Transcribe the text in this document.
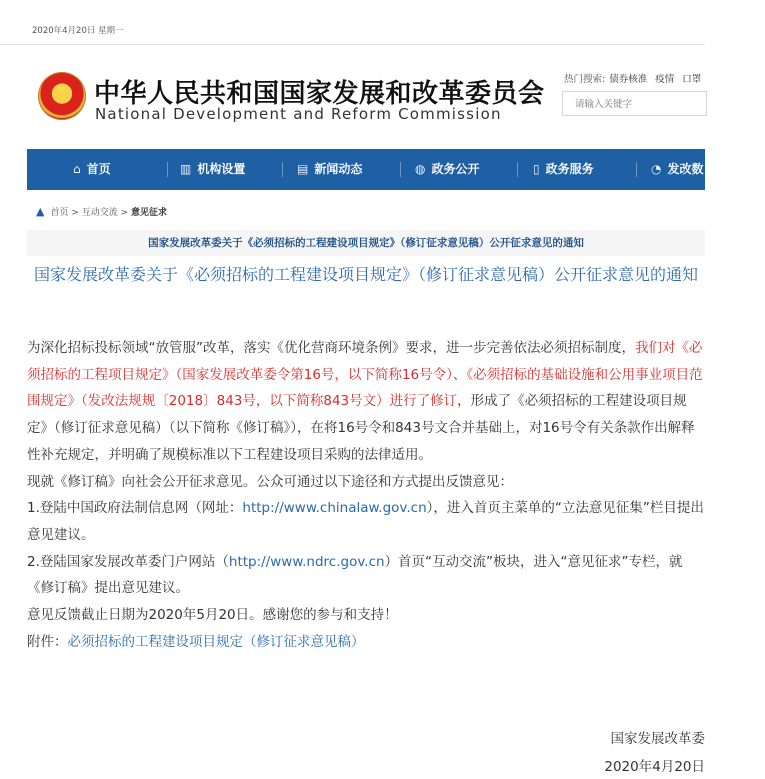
2020年4月20日 星期一
★ 中华人民共和国国家发展和改革委员会
National Development and Reform Commission
热门搜索: 债券核准 疫情 口罩
请输入关键字
⌂ 首页	▥ 机构设置	▤ 新闻动态	◍ 政务公开	▯ 政务服务	◔ 发改数
▲ 首页 > 互动交流 > 意见征求
国家发展改革委关于《必须招标的工程建设项目规定》（修订征求意见稿）公开征求意见的通知
国家发展改革委关于《必须招标的工程建设项目规定》（修订征求意见稿）公开征求意见的通知

为深化招标投标领域“放管服”改革，落实《优化营商环境条例》要求，进一步完善依法必须招标制度，我们对《必须招标的工程项目规定》（国家发展改革委令第16号，以下简称16号令）、《必须招标的基础设施和公用事业项目范围规定》（发改法规规〔2018〕843号，以下简称843号文）进行了修订，形成了《必须招标的工程建设项目规定》（修订征求意见稿）（以下简称《修订稿》），在将16号令和843号文合并基础上，对16号令有关条款作出解释性补充规定，并明确了规模标准以下工程建设项目采购的法律适用。

现就《修订稿》向社会公开征求意见。公众可通过以下途径和方式提出反馈意见：

1.登陆中国政府法制信息网（网址：http://www.chinalaw.gov.cn），进入首页主菜单的“立法意见征集”栏目提出意见建议。

2.登陆国家发展改革委门户网站（http://www.ndrc.gov.cn）首页“互动交流”板块，进入“意见征求”专栏，就《修订稿》提出意见建议。

意见反馈截止日期为2020年5月20日。感谢您的参与和支持！

附件：必须招标的工程建设项目规定（修订征求意见稿）

国家发展改革委
2020年4月20日
